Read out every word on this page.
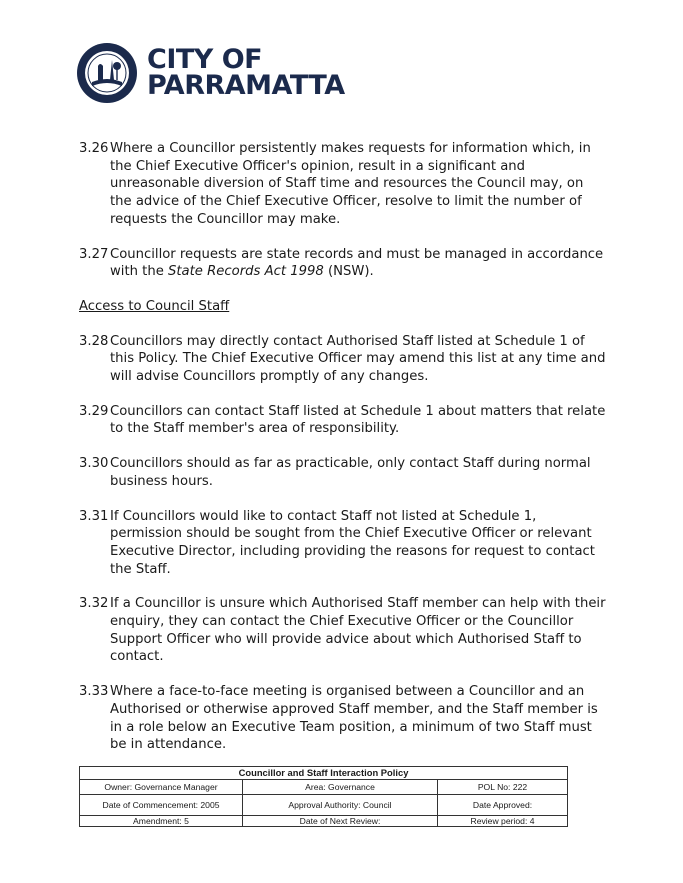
CITY OF
PARRAMATTA
3.26 Where a Councillor persistently makes requests for information which, in the Chief Executive Officer's opinion, result in a significant and unreasonable diversion of Staff time and resources the Council may, on the advice of the Chief Executive Officer, resolve to limit the number of requests the Councillor may make.
3.27 Councillor requests are state records and must be managed in accordance with the State Records Act 1998 (NSW).
Access to Council Staff
3.28 Councillors may directly contact Authorised Staff listed at Schedule 1 of this Policy. The Chief Executive Officer may amend this list at any time and will advise Councillors promptly of any changes.
3.29 Councillors can contact Staff listed at Schedule 1 about matters that relate to the Staff member's area of responsibility.
3.30 Councillors should as far as practicable, only contact Staff during normal business hours.
3.31 If Councillors would like to contact Staff not listed at Schedule 1, permission should be sought from the Chief Executive Officer or relevant Executive Director, including providing the reasons for request to contact the Staff.
3.32 If a Councillor is unsure which Authorised Staff member can help with their enquiry, they can contact the Chief Executive Officer or the Councillor Support Officer who will provide advice about which Authorised Staff to contact.
3.33 Where a face-to-face meeting is organised between a Councillor and an Authorised or otherwise approved Staff member, and the Staff member is in a role below an Executive Team position, a minimum of two Staff must be in attendance.
Councillor and Staff Interaction Policy		
Owner: Governance Manager	Area: Governance	POL No: 222
Date of Commencement: 2005	Approval Authority: Council	Date Approved:
Amendment: 5	Date of Next Review:	Review period: 4
